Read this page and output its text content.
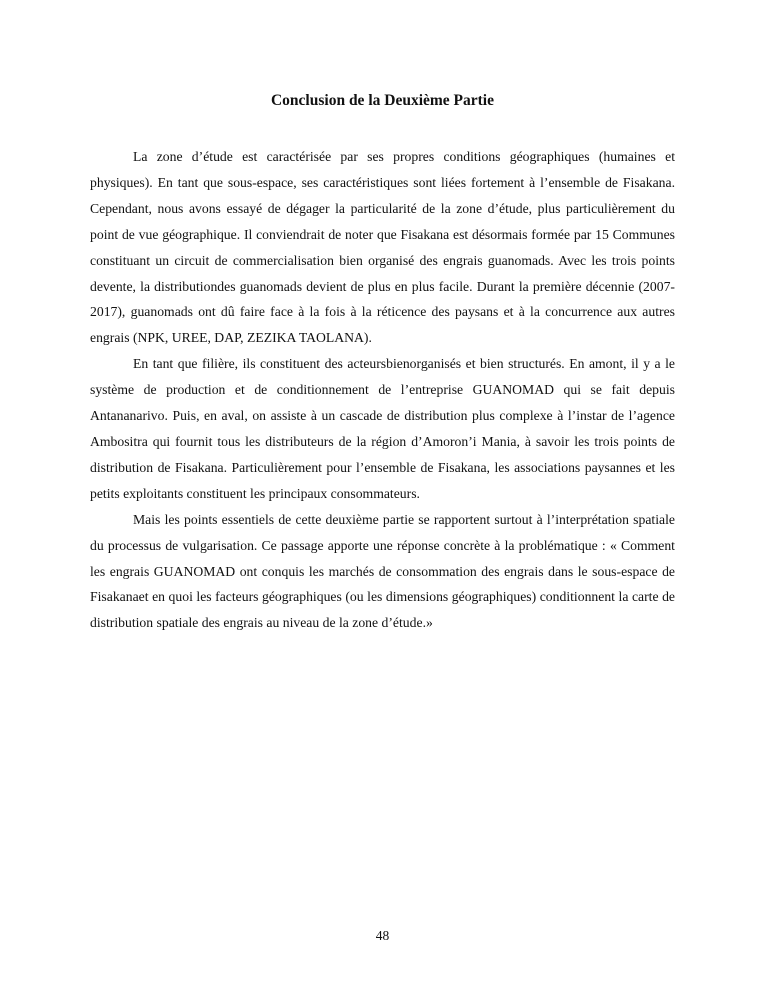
Conclusion de la Deuxième Partie

La zone d’étude est caractérisée par ses propres conditions géographiques (humaines et physiques). En tant que sous-espace, ses caractéristiques sont liées fortement à l’ensemble de Fisakana. Cependant, nous avons essayé de dégager la particularité de la zone d’étude, plus particulièrement du point de vue géographique. Il conviendrait de noter que Fisakana est désormais formée par 15 Communes constituant un circuit de commercialisation bien organisé des engrais guanomads. Avec les trois points devente, la distributiondes guanomads devient de plus en plus facile. Durant la première décennie (2007- 2017), guanomads ont dû faire face à la fois à la réticence des paysans et à la concurrence aux autres engrais (NPK, UREE, DAP, ZEZIKA TAOLANA).

En tant que filière, ils constituent des acteursbienorganisés et bien structurés. En amont, il y a le système de production et de conditionnement de l’entreprise GUANOMAD qui se fait depuis Antananarivo. Puis, en aval, on assiste à un cascade de distribution plus complexe à l’instar de l’agence Ambositra qui fournit tous les distributeurs de la région d’Amoron’i Mania, à savoir les trois points de distribution de Fisakana. Particulièrement pour l’ensemble de Fisakana, les associations paysannes et les petits exploitants constituent les principaux consommateurs.

Mais les points essentiels de cette deuxième partie se rapportent surtout à l’interprétation spatiale du processus de vulgarisation. Ce passage apporte une réponse concrète à la problématique : « Comment les engrais GUANOMAD ont conquis les marchés de consommation des engrais dans le sous-espace de Fisakanaet en quoi les facteurs géographiques (ou les dimensions géographiques) conditionnent la carte de distribution spatiale des engrais au niveau de la zone d’étude.»

48
